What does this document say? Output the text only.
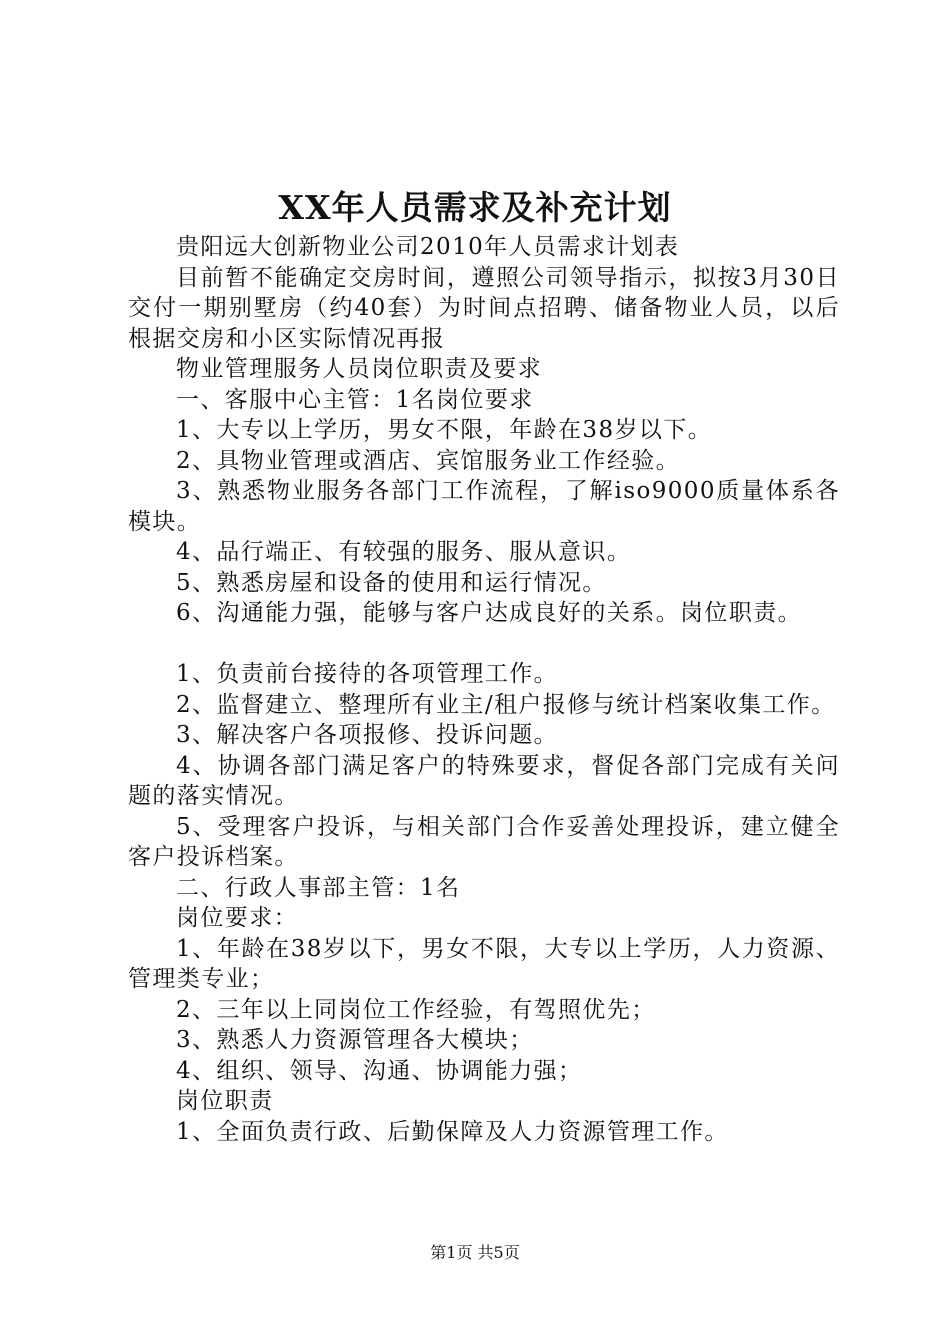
XX年人员需求及补充计划

贵阳远大创新物业公司2010年人员需求计划表

目前暂不能确定交房时间，遵照公司领导指示，拟按3月30日交付一期别墅房（约40套）为时间点招聘、储备物业人员，以后根据交房和小区实际情况再报

物业管理服务人员岗位职责及要求

一、客服中心主管：1名岗位要求

1、大专以上学历，男女不限，年龄在38岁以下。

2、具物业管理或酒店、宾馆服务业工作经验。

3、熟悉物业服务各部门工作流程，了解iso9000质量体系各模块。

4、品行端正、有较强的服务、服从意识。

5、熟悉房屋和设备的使用和运行情况。

6、沟通能力强，能够与客户达成良好的关系。岗位职责。

1、负责前台接待的各项管理工作。

2、监督建立、整理所有业主/租户报修与统计档案收集工作。

3、解决客户各项报修、投诉问题。

4、协调各部门满足客户的特殊要求，督促各部门完成有关问题的落实情况。

5、受理客户投诉，与相关部门合作妥善处理投诉，建立健全客户投诉档案。

二、行政人事部主管：1名

岗位要求：

1、年龄在38岁以下，男女不限，大专以上学历，人力资源、管理类专业；

2、三年以上同岗位工作经验，有驾照优先；

3、熟悉人力资源管理各大模块；

4、组织、领导、沟通、协调能力强；

岗位职责

1、全面负责行政、后勤保障及人力资源管理工作。

第1页 共5页
